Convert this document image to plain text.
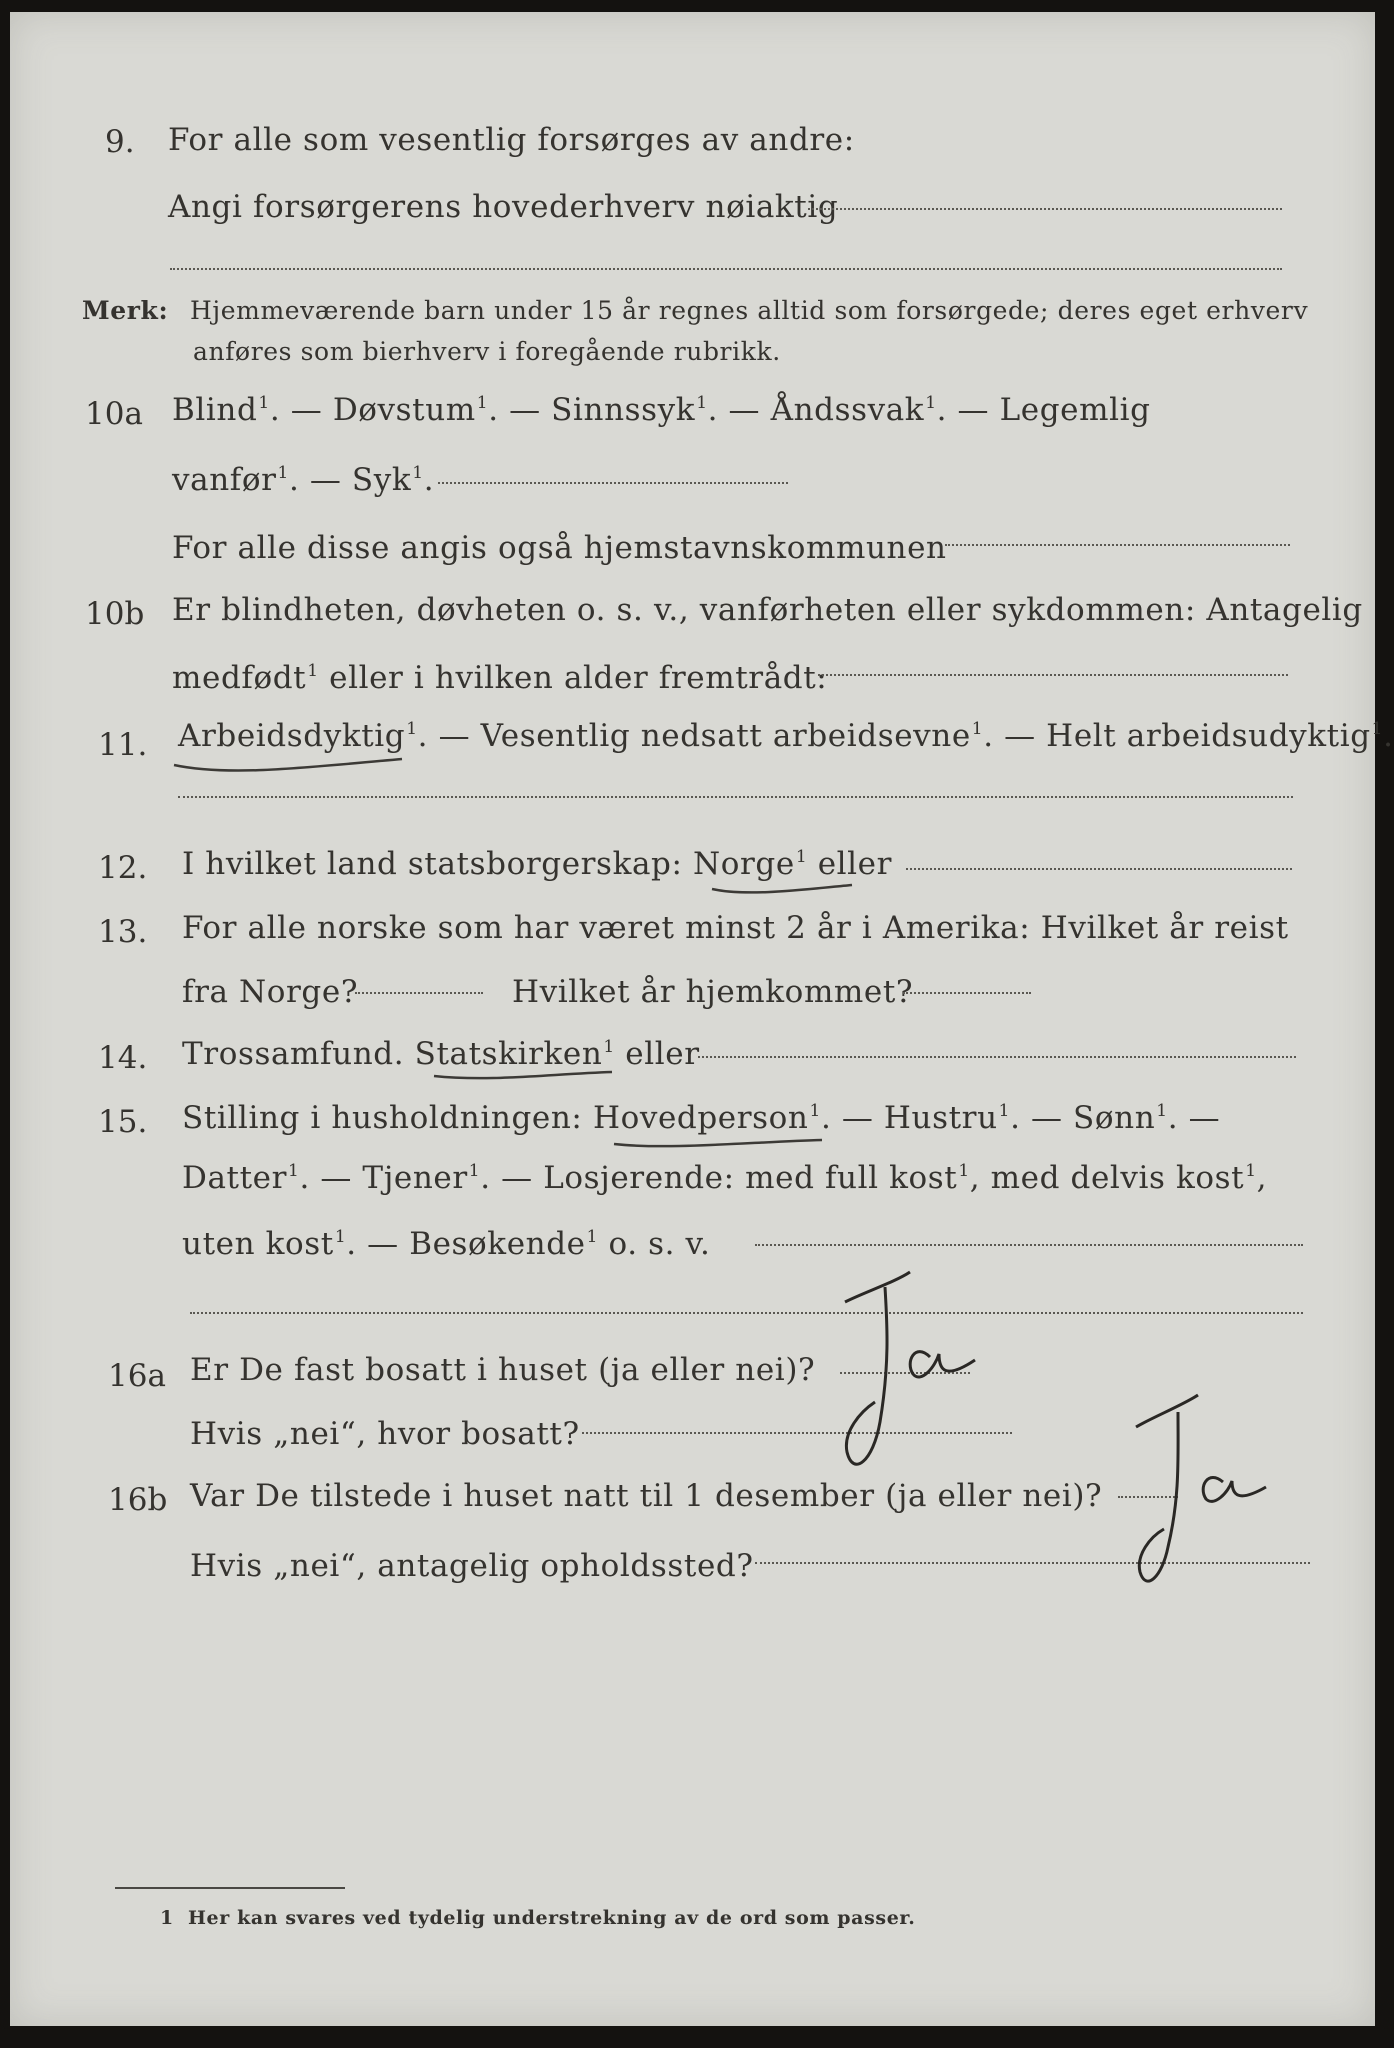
9. For alle som vesentlig forsørges av andre:
Angi forsørgerens hovederhverv nøiaktig
Merk: Hjemmeværende barn under 15 år regnes alltid som forsørgede; deres eget erhverv
anføres som bierhverv i foregående rubrikk.
10a Blind$^1$. — Døvstum$^1$. — Sinnssyk$^1$. — Åndssvak$^1$. — Legemlig
vanfør$^1$. — Syk$^1$.
For alle disse angis også hjemstavnskommunen
10b Er blindheten, døvheten o. s. v., vanførheten eller sykdommen: Antagelig
medfødt$^1$ eller i hvilken alder fremtrådt:
11. Arbeidsdyktig$^1$. — Vesentlig nedsatt arbeidsevne$^1$. — Helt arbeidsudyktig$^1$.
12. I hvilket land statsborgerskap: Norge$^1$ eller
13. For alle norske som har været minst 2 år i Amerika: Hvilket år reist
fra Norge?	Hvilket år hjemkommet?
14. Trossamfund. Statskirken$^1$ eller
15. Stilling i husholdningen: Hovedperson$^1$. — Hustru$^1$. — Sønn$^1$. —
Datter$^1$. — Tjener$^1$. — Losjerende: med full kost$^1$, med delvis kost$^1$,
uten kost$^1$. — Besøkende$^1$ o. s. v.
16a Er De fast bosatt i huset (ja eller nei)?
Hvis „nei“, hvor bosatt?
16b Var De tilstede i huset natt til 1 desember (ja eller nei)?
Hvis „nei“, antagelig opholdssted?
1 Her kan svares ved tydelig understrekning av de ord som passer.
